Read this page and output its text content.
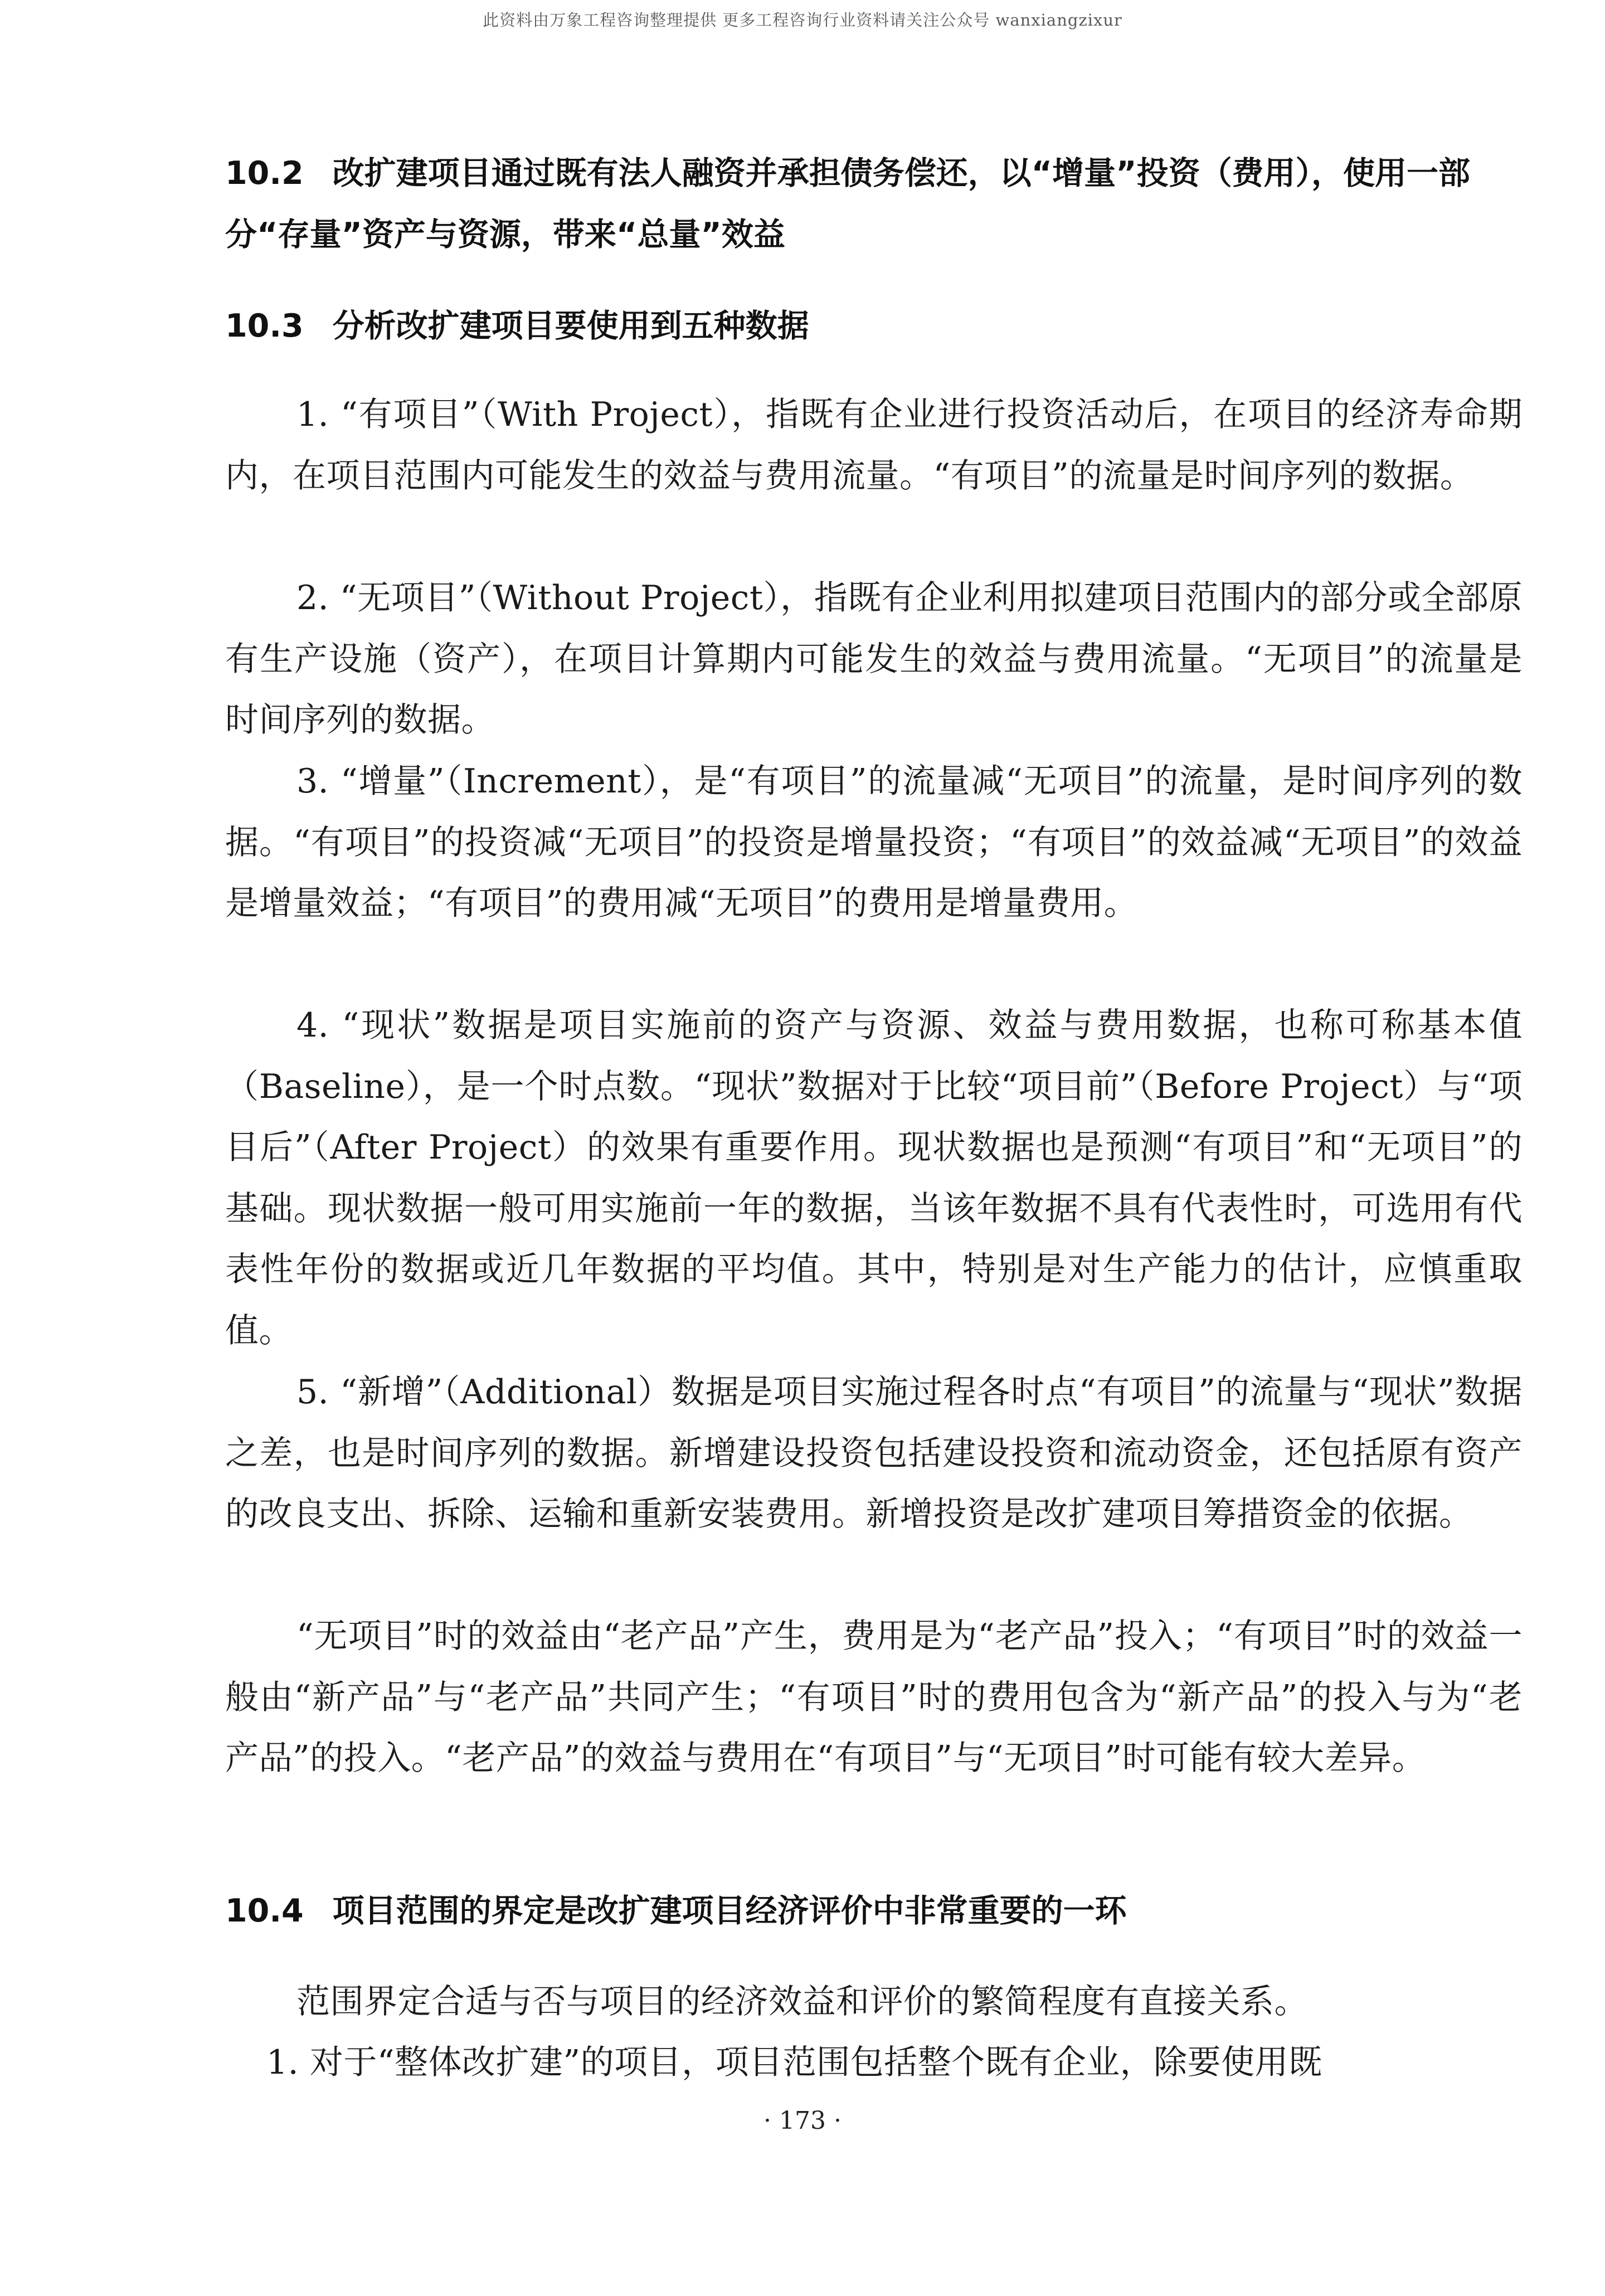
此资料由万象工程咨询整理提供 更多工程咨询行业资料请关注公众号 wanxiangzixur
10.2 改扩建项目通过既有法人融资并承担债务偿还，以“增量”投资（费用），使用一部分“存量”资产与资源，带来“总量”效益
10.3 分析改扩建项目要使用到五种数据

1. “有项目”（With Project），指既有企业进行投资活动后，在项目的经济寿命期内，在项目范围内可能发生的效益与费用流量。“有项目”的流量是时间序列的数据。

2. “无项目”（Without Project），指既有企业利用拟建项目范围内的部分或全部原有生产设施（资产），在项目计算期内可能发生的效益与费用流量。“无项目”的流量是时间序列的数据。

3. “增量”（Increment），是“有项目”的流量减“无项目”的流量，是时间序列的数据。“有项目”的投资减“无项目”的投资是增量投资；“有项目”的效益减“无项目”的效益是增量效益；“有项目”的费用减“无项目”的费用是增量费用。

4. “现状”数据是项目实施前的资产与资源、效益与费用数据，也称可称基本值（Baseline），是一个时点数。“现状”数据对于比较“项目前”（Before Project）与“项目后”（After Project）的效果有重要作用。现状数据也是预测“有项目”和“无项目”的基础。现状数据一般可用实施前一年的数据，当该年数据不具有代表性时，可选用有代表性年份的数据或近几年数据的平均值。其中，特别是对生产能力的估计，应慎重取值。

5. “新增”（Additional）数据是项目实施过程各时点“有项目”的流量与“现状”数据之差，也是时间序列的数据。新增建设投资包括建设投资和流动资金，还包括原有资产的改良支出、拆除、运输和重新安装费用。新增投资是改扩建项目筹措资金的依据。

“无项目”时的效益由“老产品”产生，费用是为“老产品”投入；“有项目”时的效益一般由“新产品”与“老产品”共同产生；“有项目”时的费用包含为“新产品”的投入与为“老产品”的投入。“老产品”的效益与费用在“有项目”与“无项目”时可能有较大差异。

10.4 项目范围的界定是改扩建项目经济评价中非常重要的一环

范围界定合适与否与项目的经济效益和评价的繁简程度有直接关系。

1. 对于“整体改扩建”的项目，项目范围包括整个既有企业，除要使用既

· 173 ·
